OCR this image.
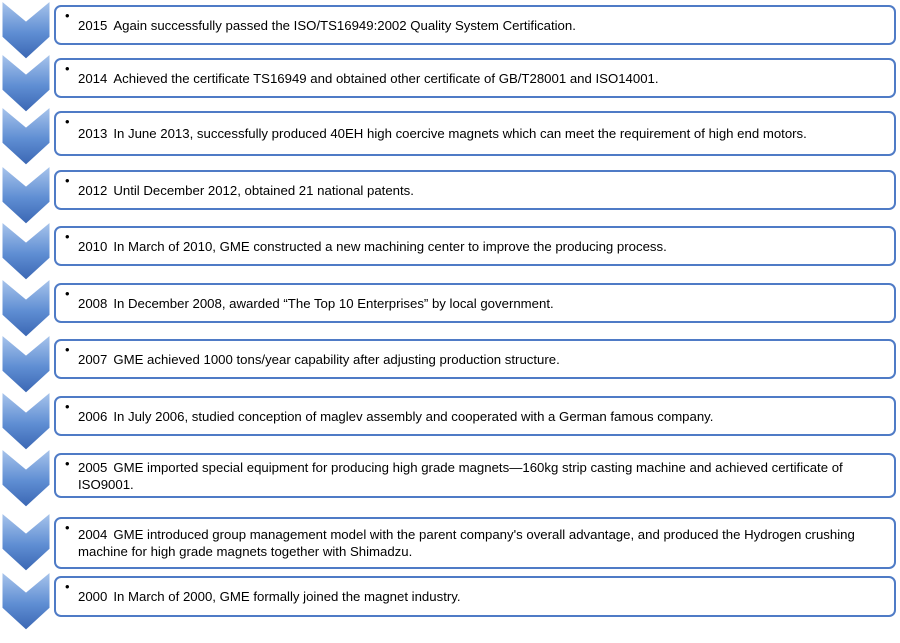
•
2015 Again successfully passed the ISO/TS16949:2002 Quality System Certification.
•
2014 Achieved the certificate TS16949 and obtained other certificate of GB/T28001 and ISO14001.
•
2013 In June 2013, successfully produced 40EH high coercive magnets which can meet the requirement of high end motors.
•
2012 Until December 2012, obtained 21 national patents.
•
2010 In March of 2010, GME constructed a new machining center to improve the producing process.
•
2008 In December 2008, awarded “The Top 10 Enterprises” by local government.
•
2007 GME achieved 1000 tons/year capability after adjusting production structure.
•
2006 In July 2006, studied conception of maglev assembly and cooperated with a German famous company.
• 2005 GME imported special equipment for producing high grade magnets—160kg strip casting machine and achieved certificate of ISO9001.
• 2004 GME introduced group management model with the parent company's overall advantage, and produced the Hydrogen crushing machine for high grade magnets together with Shimadzu.
•
2000 In March of 2000, GME formally joined the magnet industry.
